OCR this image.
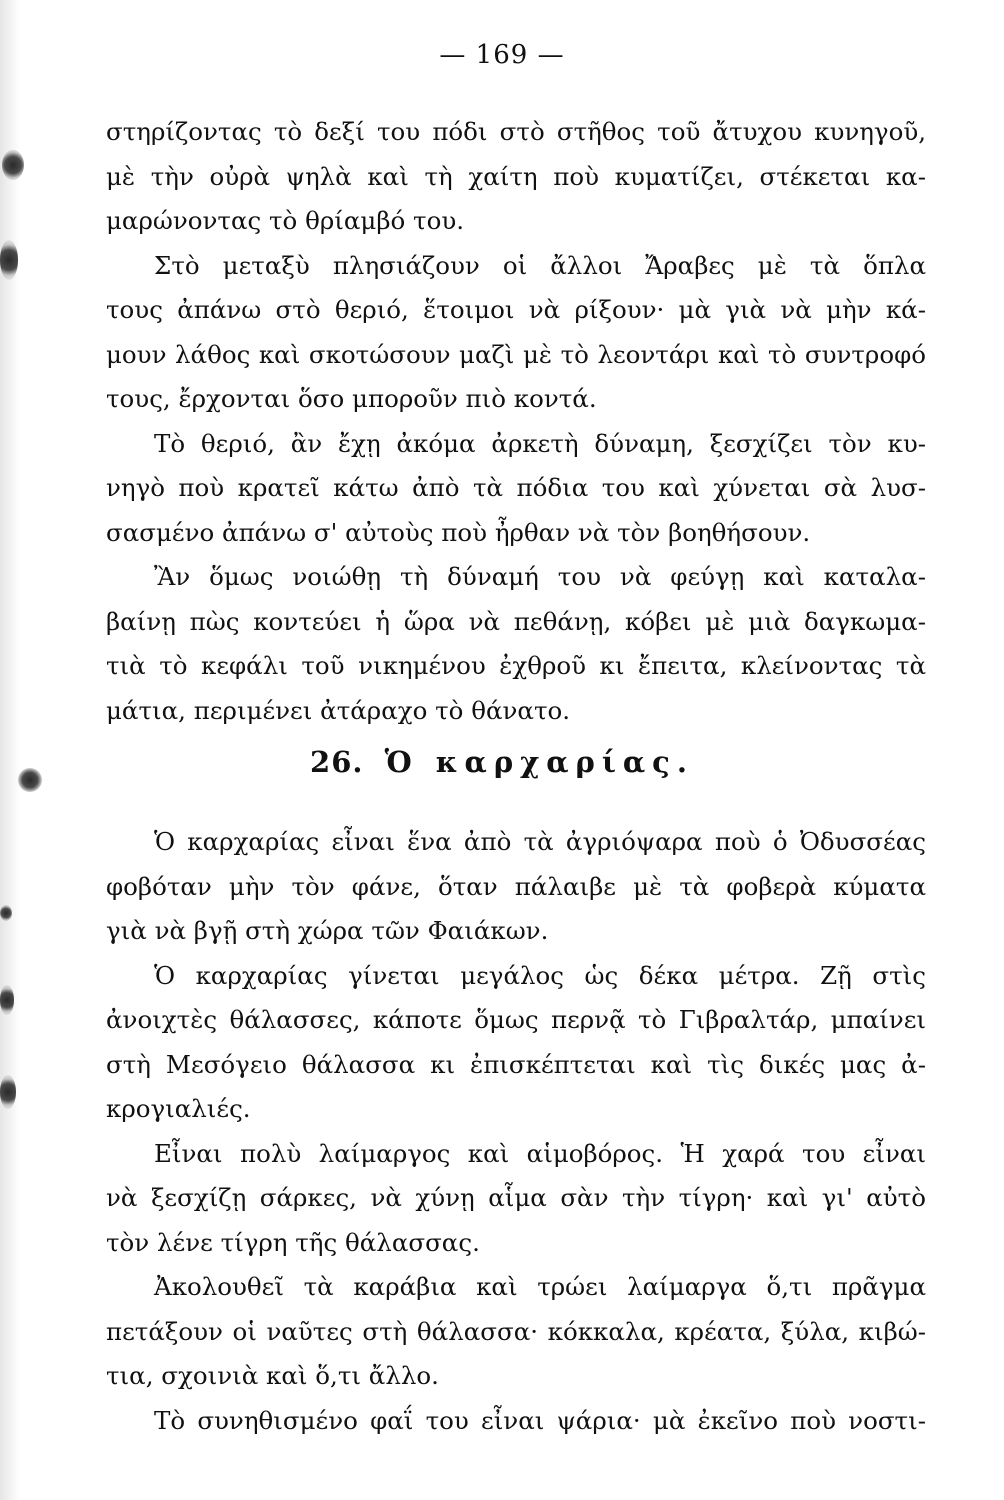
— 169 —
στηρίζοντας τὸ δεξί του πόδι στὸ στῆθος τοῦ ἄτυχου κυνηγοῦ,
μὲ τὴν οὐρὰ ψηλὰ καὶ τὴ χαίτη ποὺ κυματίζει, στέκεται κα-
μαρώνοντας τὸ θρίαμβό του.
Στὸ μεταξὺ πλησιάζουν οἱ ἄλλοι Ἄραβες μὲ τὰ ὅπλα
τους ἀπάνω στὸ θεριό, ἕτοιμοι νὰ ρίξουν· μὰ γιὰ νὰ μὴν κά-
μουν λάθος καὶ σκοτώσουν μαζὶ μὲ τὸ λεοντάρι καὶ τὸ συντροφό
τους, ἔρχονται ὅσο μποροῦν πιὸ κοντά.
Τὸ θεριό, ἂν ἔχῃ ἀκόμα ἀρκετὴ δύναμη, ξεσχίζει τὸν κυ-
νηγὸ ποὺ κρατεῖ κάτω ἀπὸ τὰ πόδια του καὶ χύνεται σὰ λυσ-
σασμένο ἀπάνω σ' αὐτοὺς ποὺ ἦρθαν νὰ τὸν βοηθήσουν.
Ἂν ὅμως νοιώθῃ τὴ δύναμή του νὰ φεύγῃ καὶ καταλα-
βαίνῃ πὼς κοντεύει ἡ ὥρα νὰ πεθάνῃ, κόβει μὲ μιὰ δαγκωμα-
τιὰ τὸ κεφάλι τοῦ νικημένου ἐχθροῦ κι ἔπειτα, κλείνοντας τὰ
μάτια, περιμένει ἀτάραχο τὸ θάνατο.
26. Ὁ καρχαρίας.
Ὁ καρχαρίας εἶναι ἕνα ἀπὸ τὰ ἀγριόψαρα ποὺ ὁ Ὀδυσσέας
φοβόταν μὴν τὸν φάνε, ὅταν πάλαιβε μὲ τὰ φοβερὰ κύματα
γιὰ νὰ βγῇ στὴ χώρα τῶν Φαιάκων.
Ὁ καρχαρίας γίνεται μεγάλος ὡς δέκα μέτρα. Ζῇ στὶς
ἀνοιχτὲς θάλασσες, κάποτε ὅμως περνᾷ τὸ Γιβραλτάρ, μπαίνει
στὴ Μεσόγειο θάλασσα κι ἐπισκέπτεται καὶ τὶς δικές μας ἀ-
κρογιαλιές.
Εἶναι πολὺ λαίμαργος καὶ αἱμοβόρος. Ἡ χαρά του εἶναι
νὰ ξεσχίζῃ σάρκες, νὰ χύνῃ αἷμα σὰν τὴν τίγρη· καὶ γι' αὐτὸ
τὸν λένε τίγρη τῆς θάλασσας.
Ἀκολουθεῖ τὰ καράβια καὶ τρώει λαίμαργα ὅ,τι πρᾶγμα
πετάξουν οἱ ναῦτες στὴ θάλασσα· κόκκαλα, κρέατα, ξύλα, κιβώ-
τια, σχοινιὰ καὶ ὅ,τι ἄλλο.
Τὸ συνηθισμένο φαΐ του εἶναι ψάρια· μὰ ἐκεῖνο ποὺ νοστι-
